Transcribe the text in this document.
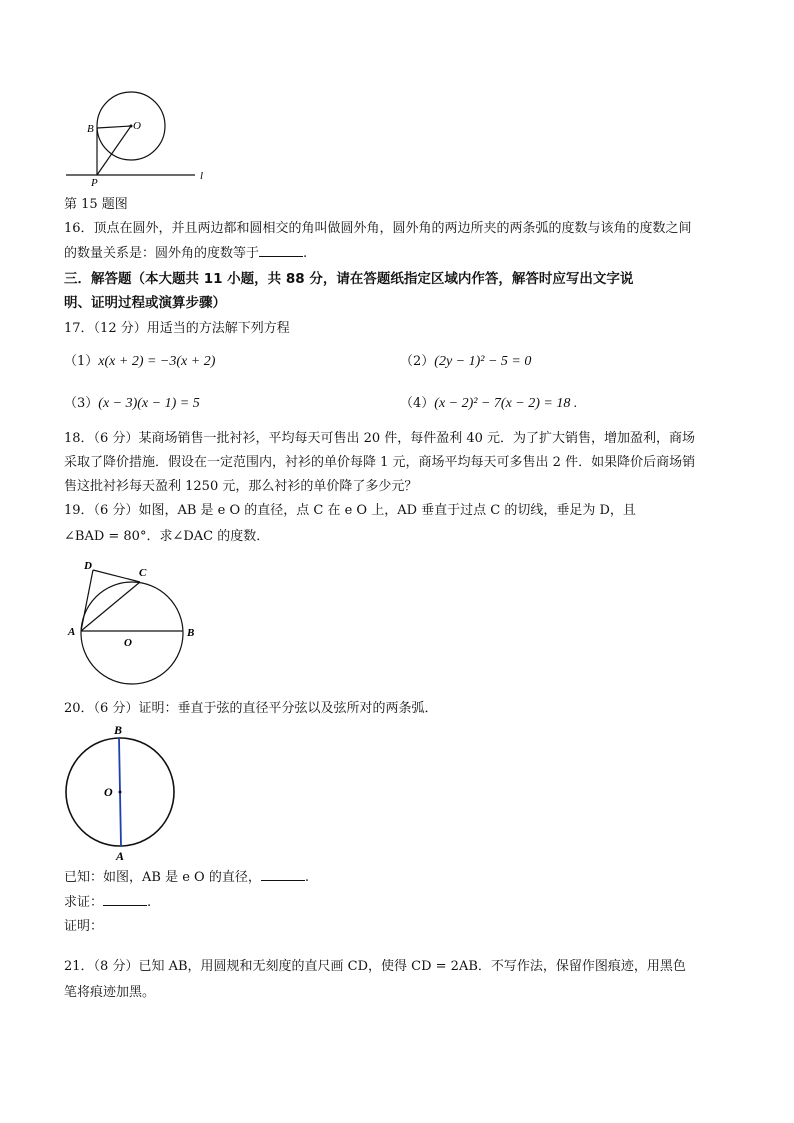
B	O
P
l
第 15 题图
16．顶点在圆外，并且两边都和圆相交的角叫做圆外角，圆外角的两边所夹的两条弧的度数与该角的度数之间
的数量关系是：圆外角的度数等于	.
三．解答题（本大题共 11 小题，共 88 分，请在答题纸指定区域内作答，解答时应写出文字说
明、证明过程或演算步骤）
17．（12 分）用适当的方法解下列方程
（1）x(x + 2) = −3(x + 2)	（2）(2y − 1)² − 5 = 0
（3）(x − 3)(x − 1) = 5	（4）(x − 2)² − 7(x − 2) = 18 .
18．（6 分）某商场销售一批衬衫，平均每天可售出 20 件，每件盈利 40 元．为了扩大销售，增加盈利，商场
采取了降价措施．假设在一定范围内，衬衫的单价每降 1 元，商场平均每天可多售出 2 件．如果降价后商场销
售这批衬衫每天盈利 1250 元，那么衬衫的单价降了多少元？
19．（6 分）如图，AB 是 e O 的直径，点 C 在 e O 上，AD 垂直于过点 C 的切线，垂足为 D，且
∠BAD = 80°．求∠DAC 的度数．
D
C
A
O
B
20．（6 分）证明：垂直于弦的直径平分弦以及弦所对的两条弧．
B
O
A
已知：如图，AB 是 e O 的直径，	.
求证：	.
证明：
21．（8 分）已知 AB，用圆规和无刻度的直尺画 CD，使得 CD = 2AB．不写作法，保留作图痕迹，用黑色
笔将痕迹加黑。
